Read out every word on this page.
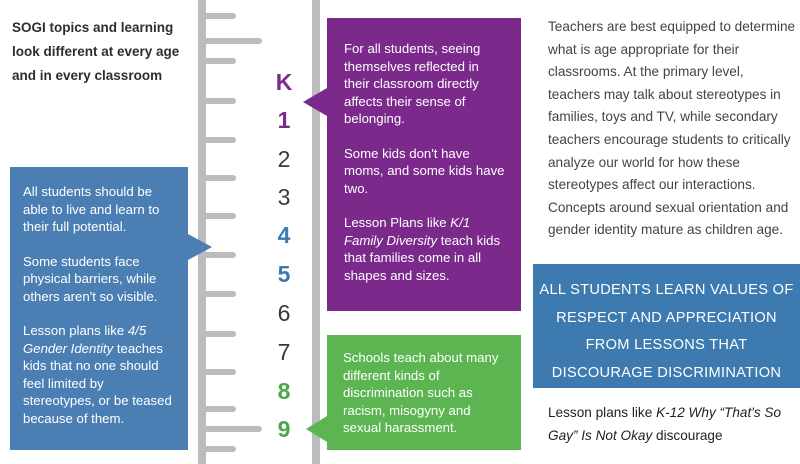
SOGI topics and learning look different at every age and in every classroom	K
1
2
3
4
5
6
7
8
9

For all students, seeing themselves reflected in their classroom directly affects their sense of belonging.

Some kids don't have moms, and some kids have two.

Lesson Plans like K/1 Family Diversity teach kids that families come in all shapes and sizes.

All students should be able to live and learn to their full potential.

Some students face physical barriers, while others aren't so visible.

Lesson plans like 4/5 Gender Identity teaches kids that no one should feel limited by stereotypes, or be teased because of them.

Schools teach about many different kinds of discrimination such as racism, misogyny and sexual harassment.

Teachers are best equipped to determine what is age appropriate for their classrooms. At the primary level, teachers may talk about stereotypes in families, toys and TV, while secondary teachers encourage students to critically analyze our world for how these stereotypes affect our interactions. Concepts around sexual orientation and gender identity mature as children age.
ALL STUDENTS LEARN VALUES OF RESPECT AND APPRECIATION FROM LESSONS THAT DISCOURAGE DISCRIMINATION
Lesson plans like K-12 Why “That's So Gay” Is Not Okay discourage
